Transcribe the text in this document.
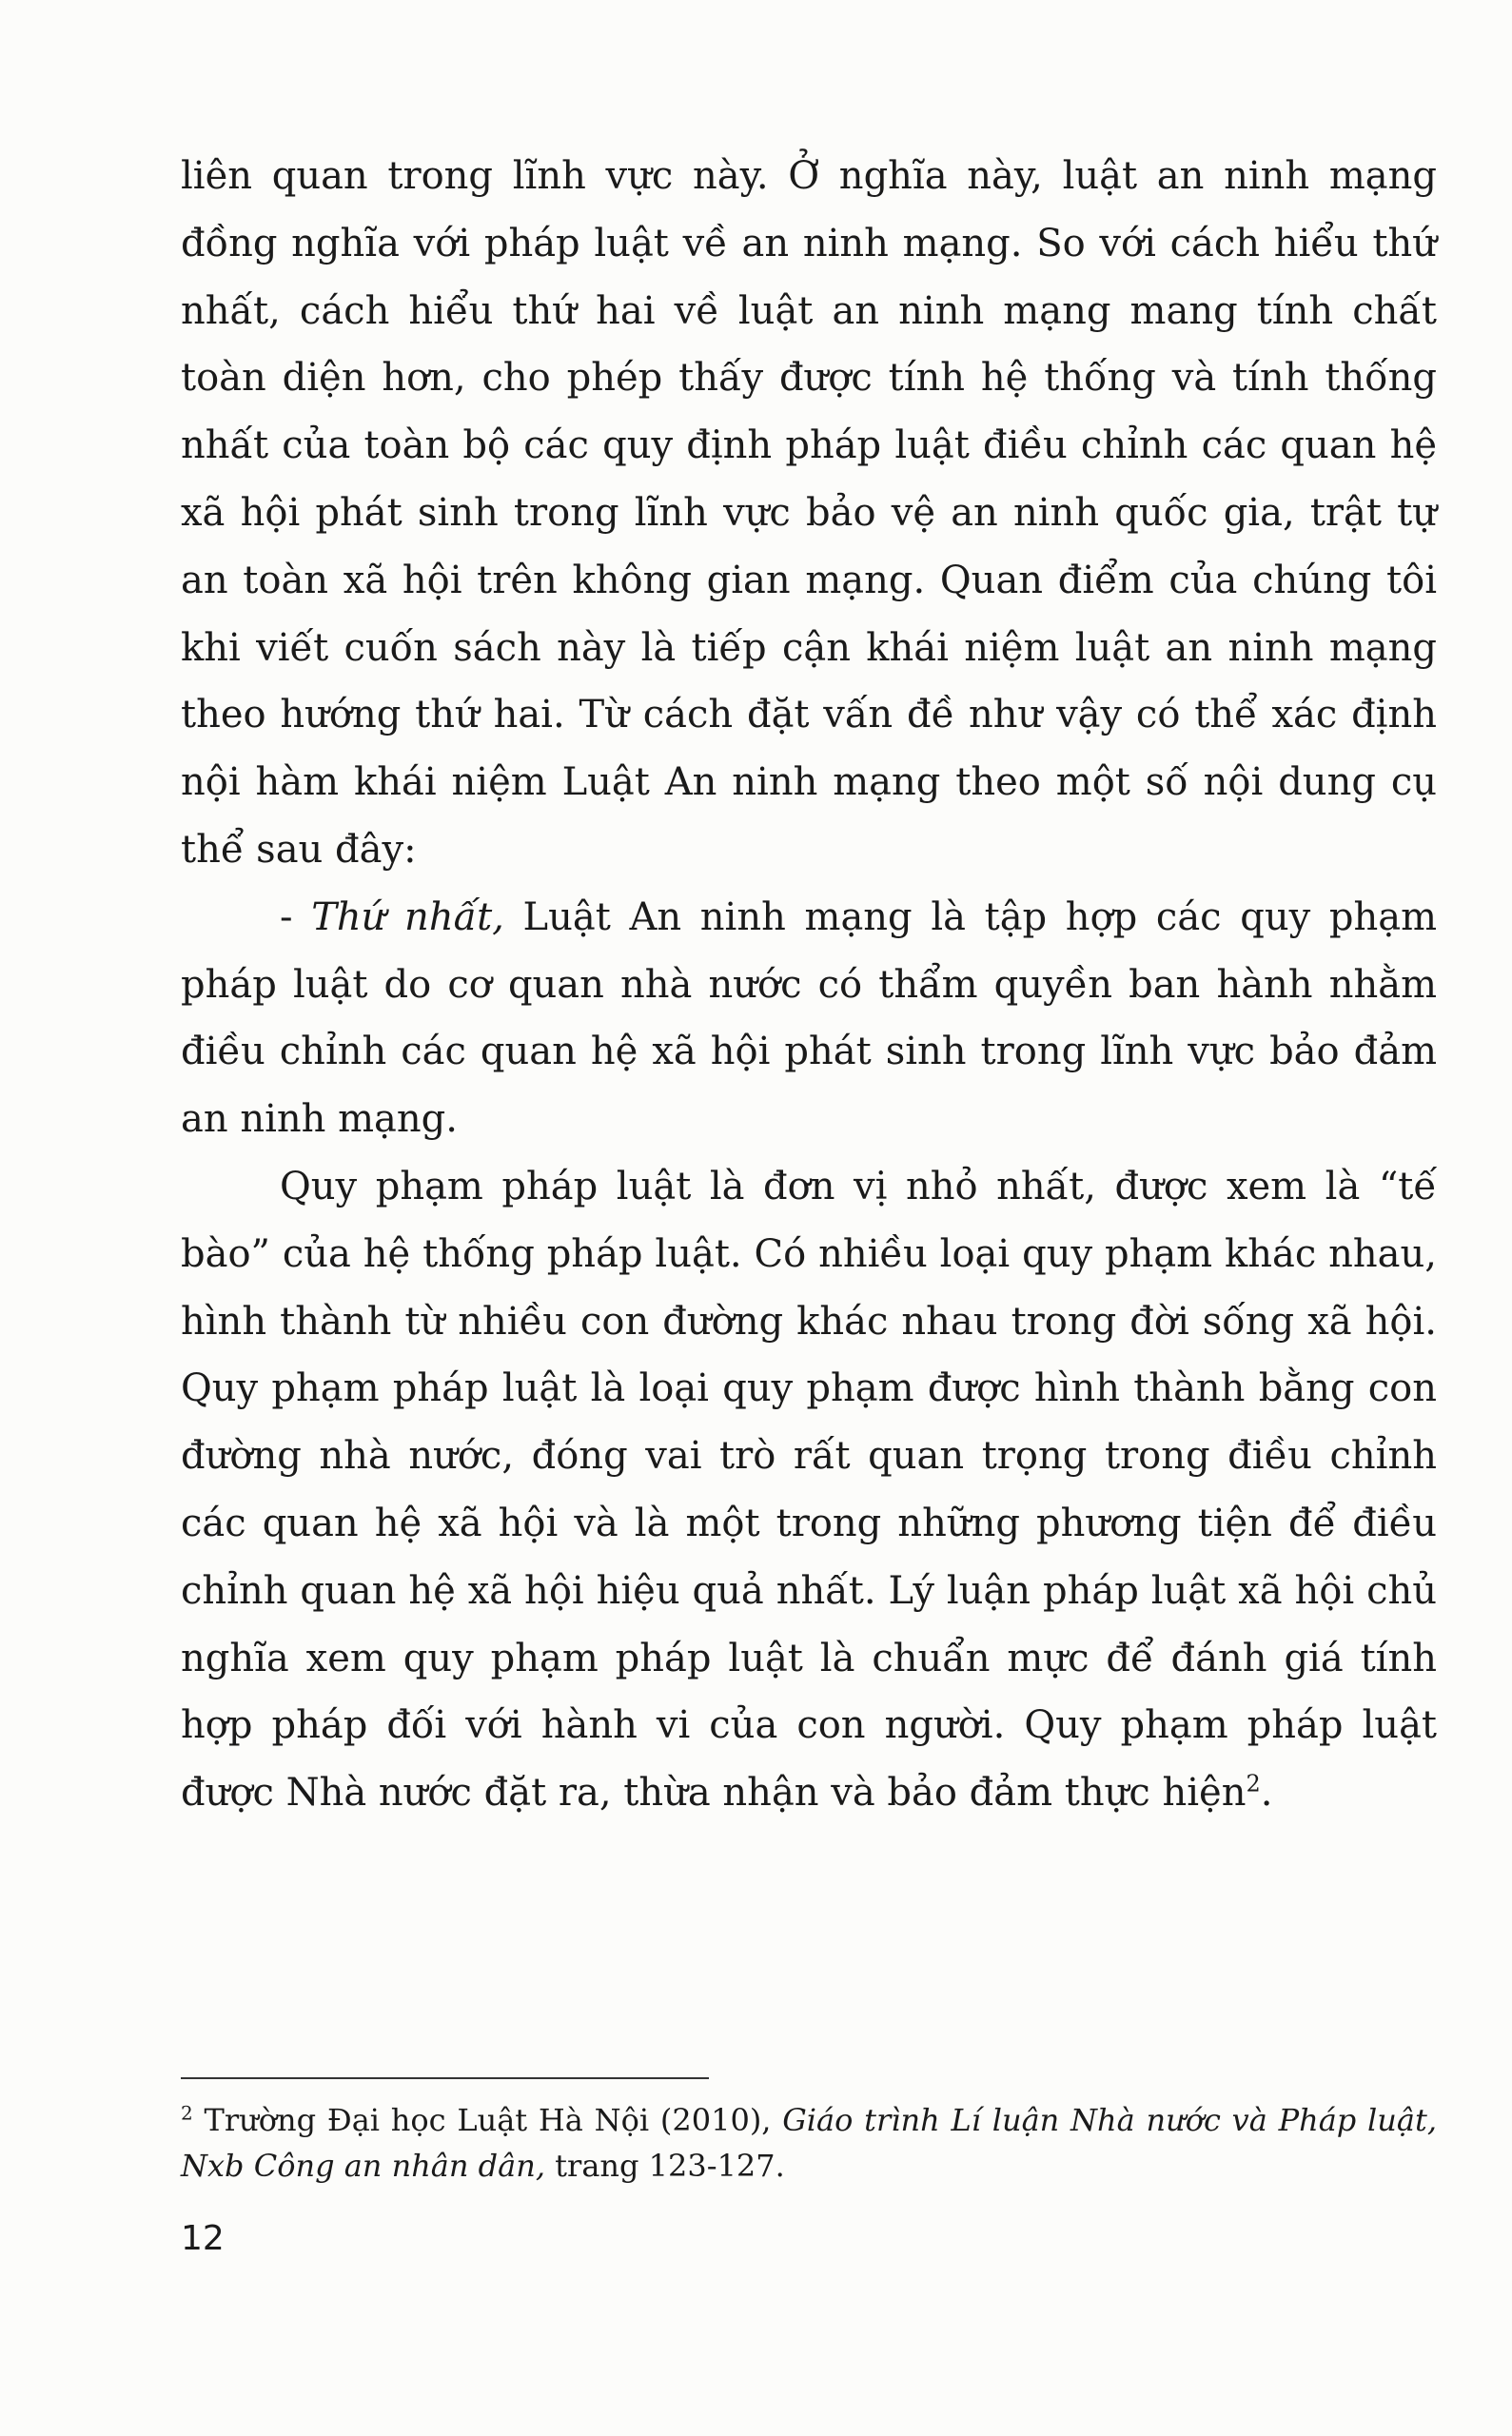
liên quan trong lĩnh vực này. Ở nghĩa này, luật an ninh mạng đồng nghĩa với pháp luật về an ninh mạng. So với cách hiểu thứ nhất, cách hiểu thứ hai về luật an ninh mạng mang tính chất toàn diện hơn, cho phép thấy được tính hệ thống và tính thống nhất của toàn bộ các quy định pháp luật điều chỉnh các quan hệ xã hội phát sinh trong lĩnh vực bảo vệ an ninh quốc gia, trật tự an toàn xã hội trên không gian mạng. Quan điểm của chúng tôi khi viết cuốn sách này là tiếp cận khái niệm luật an ninh mạng theo hướng thứ hai. Từ cách đặt vấn đề như vậy có thể xác định nội hàm khái niệm Luật An ninh mạng theo một số nội dung cụ thể sau đây:

- Thứ nhất, Luật An ninh mạng là tập hợp các quy phạm pháp luật do cơ quan nhà nước có thẩm quyền ban hành nhằm điều chỉnh các quan hệ xã hội phát sinh trong lĩnh vực bảo đảm an ninh mạng.

Quy phạm pháp luật là đơn vị nhỏ nhất, được xem là “tế bào” của hệ thống pháp luật. Có nhiều loại quy phạm khác nhau, hình thành từ nhiều con đường khác nhau trong đời sống xã hội. Quy phạm pháp luật là loại quy phạm được hình thành bằng con đường nhà nước, đóng vai trò rất quan trọng trong điều chỉnh các quan hệ xã hội và là một trong những phương tiện để điều chỉnh quan hệ xã hội hiệu quả nhất. Lý luận pháp luật xã hội chủ nghĩa xem quy phạm pháp luật là chuẩn mực để đánh giá tính hợp pháp đối với hành vi của con người. Quy phạm pháp luật được Nhà nước đặt ra, thừa nhận và bảo đảm thực hiện$^2$.

$^2$ Trường Đại học Luật Hà Nội (2010), Giáo trình Lí luận Nhà nước và Pháp luật, Nxb Công an nhân dân, trang 123-127.
12
